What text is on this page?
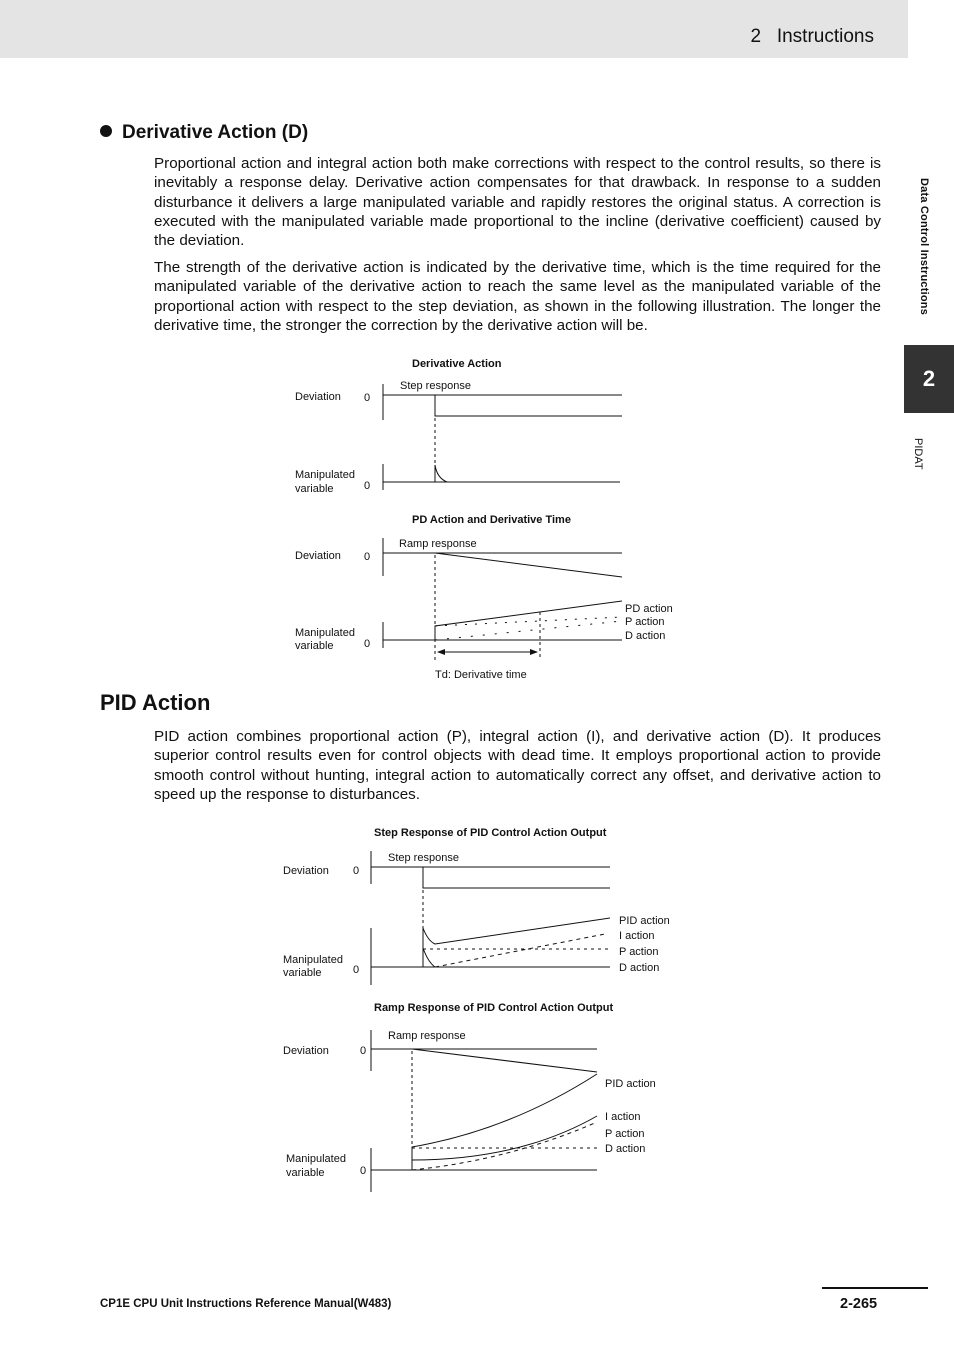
2   Instructions
Data Control Instructions
2
PIDAT
Derivative Action (D)

Proportional action and integral action both make corrections with respect to the control results, so there is inevitably a response delay. Derivative action compensates for that drawback. In response to a sudden disturbance it delivers a large manipulated variable and rapidly restores the original status. A correction is executed with the manipulated variable made proportional to the incline (derivative coefficient) caused by the deviation.

The strength of the derivative action is indicated by the derivative time, which is the time required for the manipulated variable of the derivative action to reach the same level as the manipulated variable of the proportional action with respect to the step deviation, as shown in the following illustration. The longer the derivative time, the stronger the correction by the derivative action will be.

PID Action

PID action combines proportional action (P), integral action (I), and derivative action (D). It produces superior control results even for control objects with dead time. It employs proportional action to provide smooth control without hunting, integral action to automatically correct any offset, and derivative action to speed up the response to disturbances.

Derivative Action
Deviation 0
Step response
Manipulated
variable	0
PD Action and Derivative Time
Deviation 0
Ramp response
Manipulated
variable	0
PD action
P action
D action
Td: Derivative time
Step Response of PID Control Action Output
Deviation 0
Step response
Manipulated
variable	0
PID action
I action
P action
D action
Ramp Response of PID Control Action Output
Deviation	0
Ramp response
Manipulated
variable	0
PID action
I action
P action
D action
CP1E CPU Unit Instructions Reference Manual(W483)	2-265
